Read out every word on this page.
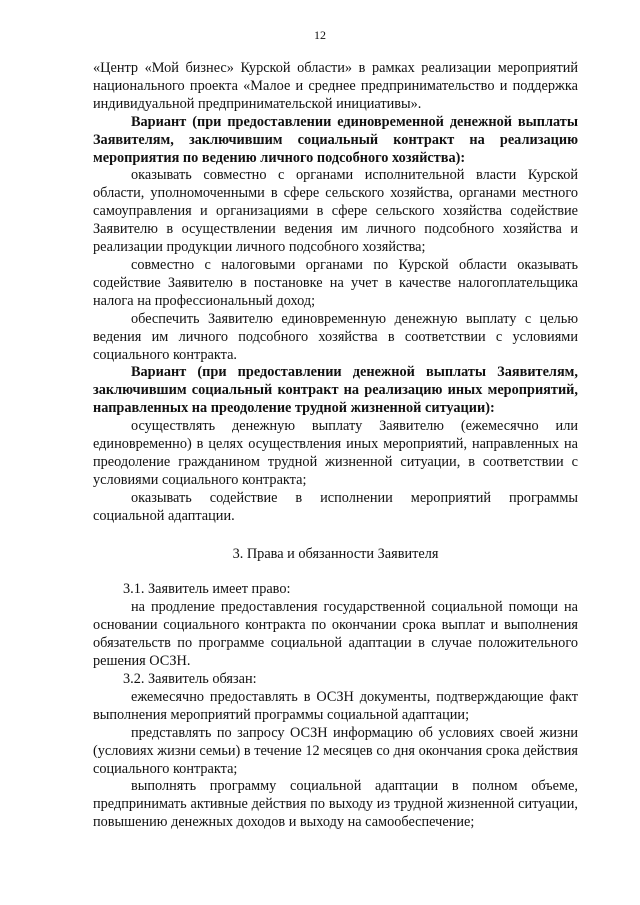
12

«Центр «Мой бизнес» Курской области» в рамках реализации мероприятий национального проекта «Малое и среднее предпринимательство и поддержка индивидуальной предпринимательской инициативы».

Вариант (при предоставлении единовременной денежной выплаты Заявителям, заключившим социальный контракт на реализацию мероприятия по ведению личного подсобного хозяйства):

оказывать совместно с органами исполнительной власти Курской области, уполномоченными в сфере сельского хозяйства, органами местного самоуправления и организациями в сфере сельского хозяйства содействие Заявителю в осуществлении ведения им личного подсобного хозяйства и реализации продукции личного подсобного хозяйства;

совместно с налоговыми органами по Курской области оказывать содействие Заявителю в постановке на учет в качестве налогоплательщика налога на профессиональный доход;

обеспечить Заявителю единовременную денежную выплату с целью ведения им личного подсобного хозяйства в соответствии с условиями социального контракта.

Вариант (при предоставлении денежной выплаты Заявителям, заключившим социальный контракт на реализацию иных мероприятий, направленных на преодоление трудной жизненной ситуации):

осуществлять денежную выплату Заявителю (ежемесячно или единовременно) в целях осуществления иных мероприятий, направленных на преодоление гражданином трудной жизненной ситуации, в соответствии с условиями социального контракта;

оказывать содействие в исполнении мероприятий программы социальной адаптации.

3. Права и обязанности Заявителя

3.1. Заявитель имеет право:

на продление предоставления государственной социальной помощи на основании социального контракта по окончании срока выплат и выполнения обязательств по программе социальной адаптации в случае положительного решения ОСЗН.

3.2. Заявитель обязан:

ежемесячно предоставлять в ОСЗН документы, подтверждающие факт выполнения мероприятий программы социальной адаптации;

представлять по запросу ОСЗН информацию об условиях своей жизни (условиях жизни семьи) в течение 12 месяцев со дня окончания срока действия социального контракта;

выполнять программу социальной адаптации в полном объеме, предпринимать активные действия по выходу из трудной жизненной ситуации, повышению денежных доходов и выходу на самообеспечение;
